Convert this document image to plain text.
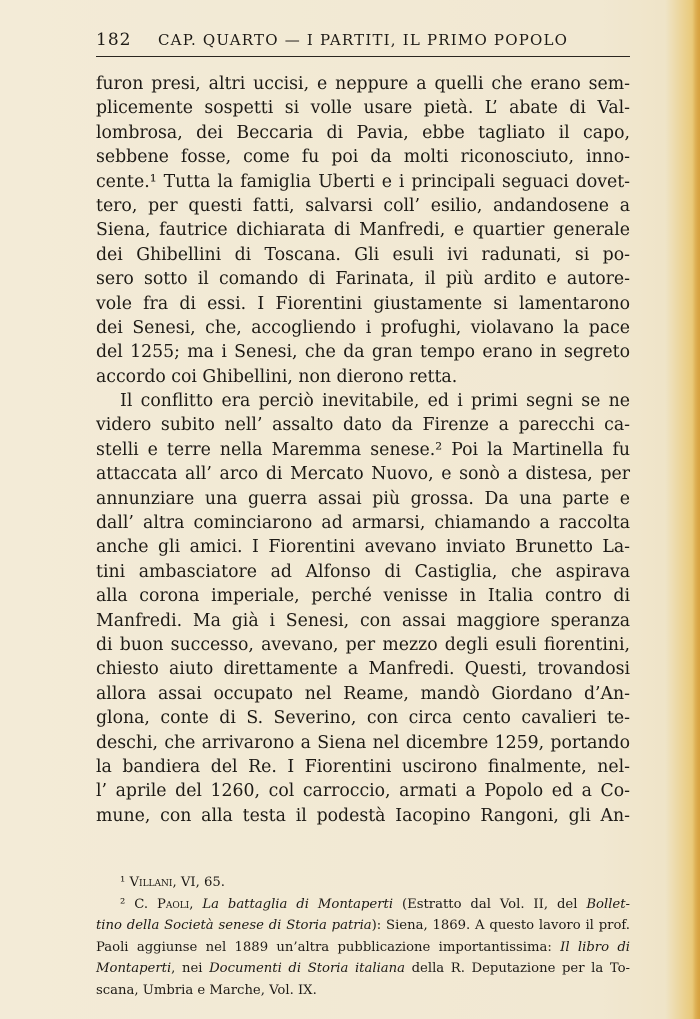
182 CAP. QUARTO — I PARTITI, IL PRIMO POPOLO
furon presi, altri uccisi, e neppure a quelli che erano sem-
plicemente sospetti si volle usare pietà. L’ abate di Val-
lombrosa, dei Beccaria di Pavia, ebbe tagliato il capo,
sebbene fosse, come fu poi da molti riconosciuto, inno-
cente.¹ Tutta la famiglia Uberti e i principali seguaci dovet-
tero, per questi fatti, salvarsi coll’ esilio, andandosene a
Siena, fautrice dichiarata di Manfredi, e quartier generale
dei Ghibellini di Toscana. Gli esuli ivi radunati, si po-
sero sotto il comando di Farinata, il più ardito e autore-
vole fra di essi. I Fiorentini giustamente si lamentarono
dei Senesi, che, accogliendo i profughi, violavano la pace
del 1255; ma i Senesi, che da gran tempo erano in segreto
accordo coi Ghibellini, non dierono retta.
Il conflitto era perciò inevitabile, ed i primi segni se ne
videro subito nell’ assalto dato da Firenze a parecchi ca-
stelli e terre nella Maremma senese.² Poi la Martinella fu
attaccata all’ arco di Mercato Nuovo, e sonò a distesa, per
annunziare una guerra assai più grossa. Da una parte e
dall’ altra cominciarono ad armarsi, chiamando a raccolta
anche gli amici. I Fiorentini avevano inviato Brunetto La-
tini ambasciatore ad Alfonso di Castiglia, che aspirava
alla corona imperiale, perché venisse in Italia contro di
Manfredi. Ma già i Senesi, con assai maggiore speranza
di buon successo, avevano, per mezzo degli esuli fiorentini,
chiesto aiuto direttamente a Manfredi. Questi, trovandosi
allora assai occupato nel Reame, mandò Giordano d’An-
glona, conte di S. Severino, con circa cento cavalieri te-
deschi, che arrivarono a Siena nel dicembre 1259, portando
la bandiera del Re. I Fiorentini uscirono finalmente, nel-
l’ aprile del 1260, col carroccio, armati a Popolo ed a Co-
mune, con alla testa il podestà Iacopino Rangoni, gli An-
¹ Villani, VI, 65.
² C. Paoli, La battaglia di Montaperti (Estratto dal Vol. II, del Bollet-
tino della Società senese di Storia patria): Siena, 1869. A questo lavoro il prof.
Paoli aggiunse nel 1889 un’altra pubblicazione importantissima: Il libro di
Montaperti, nei Documenti di Storia italiana della R. Deputazione per la To-
scana, Umbria e Marche, Vol. IX.
